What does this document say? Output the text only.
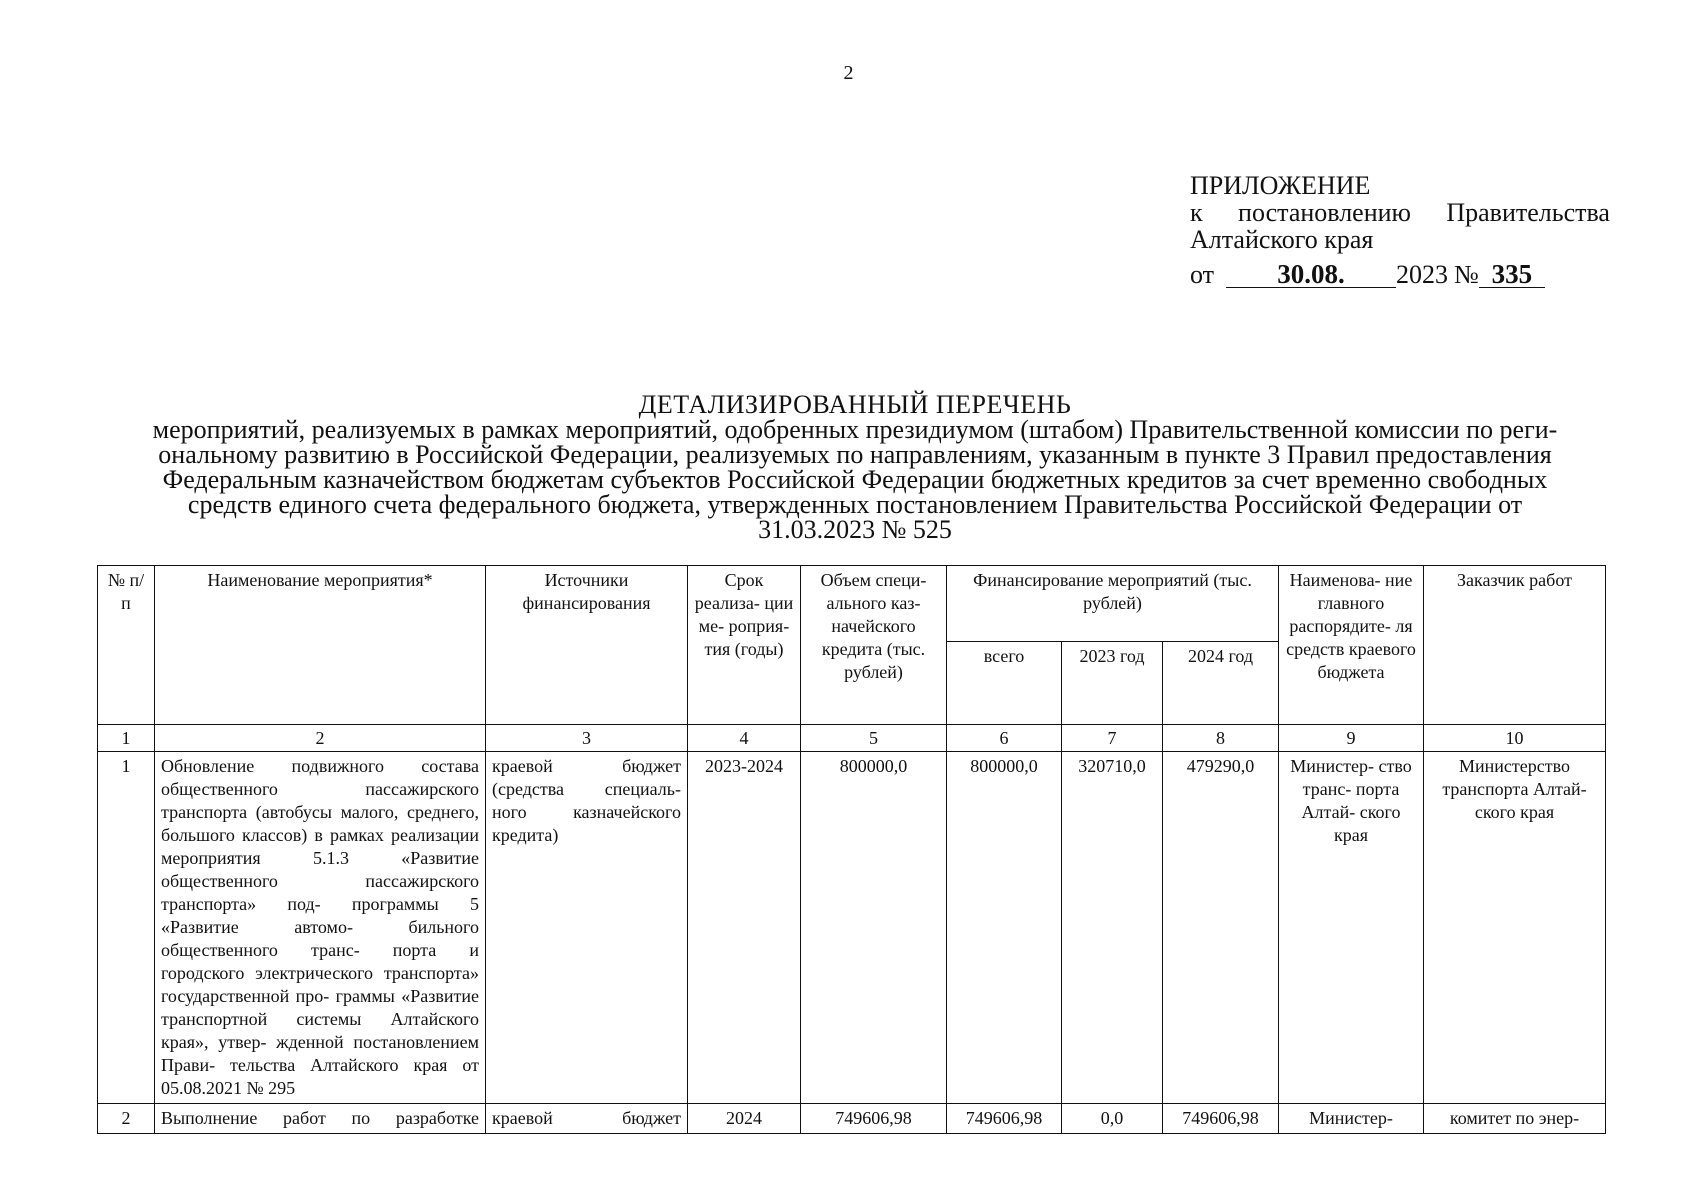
2
ПРИЛОЖЕНИЕ
к постановлению Правительства
Алтайского края
от	30.08.	2023 № 335
ДЕТАЛИЗИРОВАННЫЙ ПЕРЕЧЕНЬ
мероприятий, реализуемых в рамках мероприятий, одобренных президиумом (штабом) Правительственной комиссии по реги-
ональному развитию в Российской Федерации, реализуемых по направлениям, указанным в пункте 3 Правил предоставления
Федеральным казначейством бюджетам субъектов Российской Федерации бюджетных кредитов за счет временно свободных
средств единого счета федерального бюджета, утвержденных постановлением Правительства Российской Федерации от
31.03.2023 № 525
№ п/п	Наименование мероприятия*	Источники финансирования	Срок реализа- ции ме- роприя- тия (годы)	Объем специ- ального каз- начейского кредита (тыс. рублей)	Финансирование мероприятий (тыс. рублей)			Наименова- ние главного распорядите- ля средств краевого бюджета	Заказчик работ
					всего	2023 год	2024 год		
1	2	3	4	5	6	7	8	9	10
1	Обновление подвижного состава общественного пассажирского транспорта (автобусы малого, среднего, большого классов) в рамках реализации мероприятия 5.1.3 «Развитие общественного пассажирского транспорта» под- программы 5 «Развитие автомо- бильного общественного транс- порта и городского электрического транспорта» государственной про- граммы «Развитие транспортной системы Алтайского края», утвер- жденной постановлением Прави- тельства Алтайского края от 05.08.2021 № 295	краевой бюджет (средства специаль- ного казначейского кредита)	2023-2024	800000,0	800000,0	320710,0	479290,0	Министер- ство транс- порта Алтай- ского края	Министерство транспорта Алтай- ского края
2	Выполнение работ по разработке	краевой бюджет	2024	749606,98	749606,98	0,0	749606,98	Министер-	комитет по энер-
